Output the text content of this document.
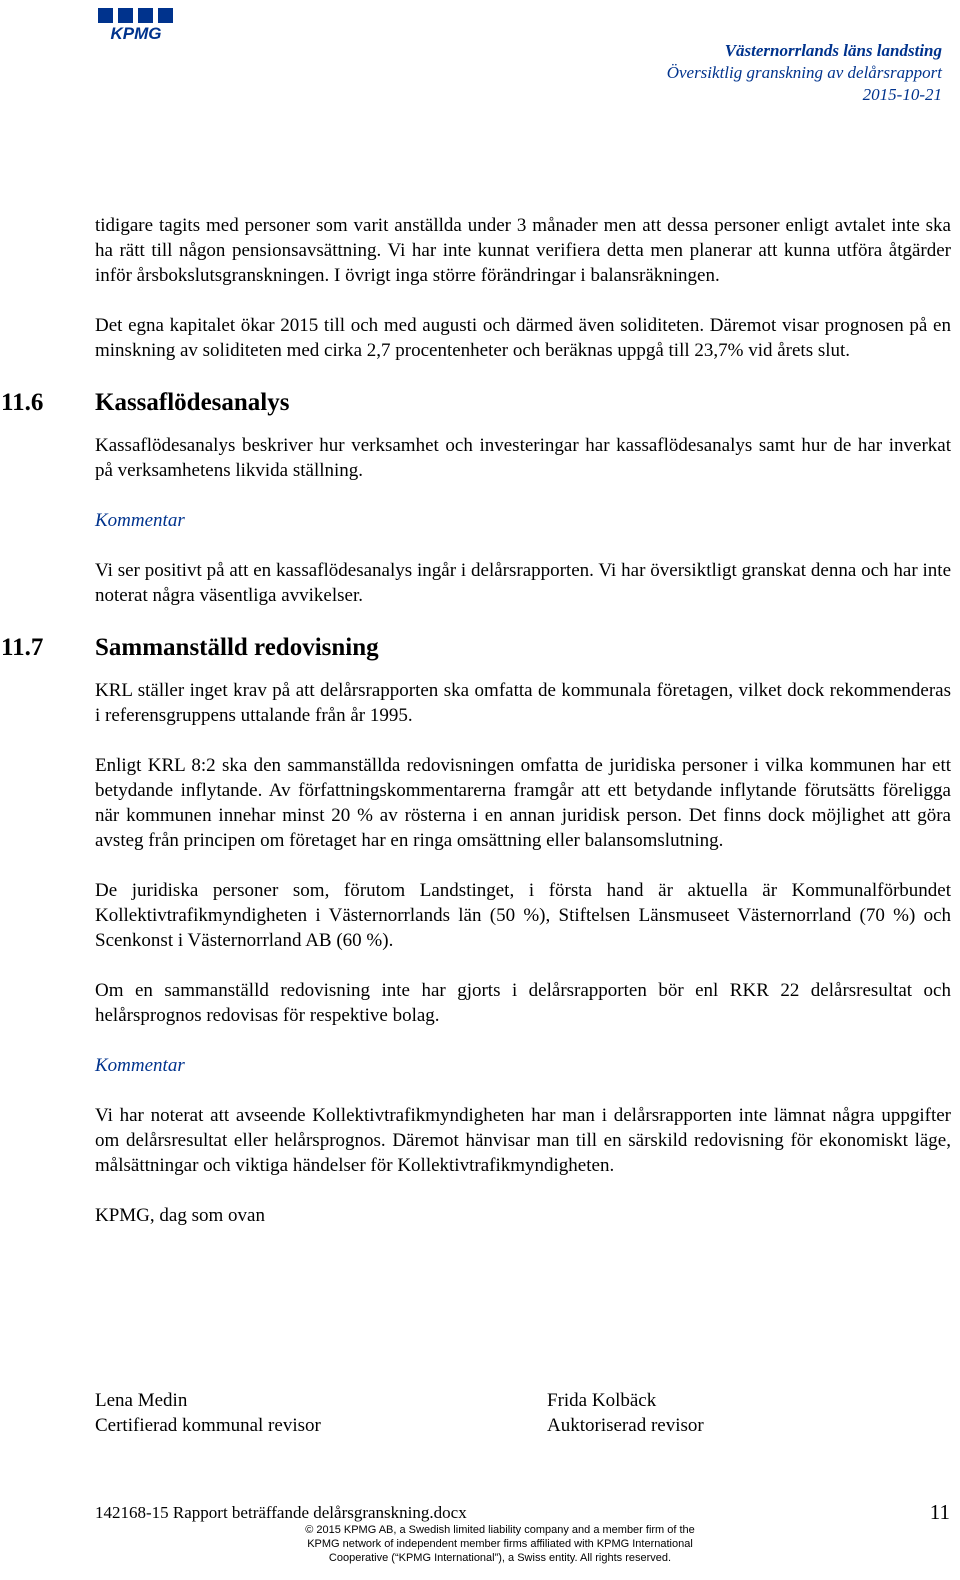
KPMG
Västernorrlands läns landsting
Översiktlig granskning av delårsrapport
2015-10-21

tidigare tagits med personer som varit anställda under 3 månader men att dessa personer enligt avtalet inte ska ha rätt till någon pensionsavsättning. Vi har inte kunnat verifiera detta men planerar att kunna utföra åtgärder inför årsbokslutsgranskningen. I övrigt inga större förändringar i balansräkningen.

Det egna kapitalet ökar 2015 till och med augusti och därmed även soliditeten. Däremot visar prognosen på en minskning av soliditeten med cirka 2,7 procentenheter och beräknas uppgå till 23,7% vid årets slut.

11.6 Kassaflödesanalys

Kassaflödesanalys beskriver hur verksamhet och investeringar har kassaflödesanalys samt hur de har inverkat på verksamhetens likvida ställning.

Kommentar

Vi ser positivt på att en kassaflödesanalys ingår i delårsrapporten. Vi har översiktligt granskat denna och har inte noterat några väsentliga avvikelser.

11.7 Sammanställd redovisning

KRL ställer inget krav på att delårsrapporten ska omfatta de kommunala företagen, vilket dock rekommenderas i referensgruppens uttalande från år 1995.

Enligt KRL 8:2 ska den sammanställda redovisningen omfatta de juridiska personer i vilka kommunen har ett betydande inflytande. Av författningskommentarerna framgår att ett betydande inflytande förutsätts föreligga när kommunen innehar minst 20 % av rösterna i en annan juridisk person. Det finns dock möjlighet att göra avsteg från principen om företaget har en ringa omsättning eller balansomslutning.

De juridiska personer som, förutom Landstinget, i första hand är aktuella är Kommunalförbundet Kollektivtrafikmyndigheten i Västernorrlands län (50 %), Stiftelsen Länsmuseet Västernorrland (70 %) och Scenkonst i Västernorrland AB (60 %).

Om en sammanställd redovisning inte har gjorts i delårsrapporten bör enl RKR 22 delårsresultat och helårsprognos redovisas för respektive bolag.

Kommentar

Vi har noterat att avseende Kollektivtrafikmyndigheten har man i delårsrapporten inte lämnat några uppgifter om delårsresultat eller helårsprognos. Däremot hänvisar man till en särskild redovisning för ekonomiskt läge, målsättningar och viktiga händelser för Kollektivtrafikmyndigheten.

KPMG, dag som ovan

Lena Medin
Certifierad kommunal revisor
Frida Kolbäck
Auktoriserad revisor
142168-15 Rapport beträffande delårsgranskning.docx	11
© 2015 KPMG AB, a Swedish limited liability company and a member firm of the
KPMG network of independent member firms affiliated with KPMG International
Cooperative (“KPMG International”), a Swiss entity. All rights reserved.
